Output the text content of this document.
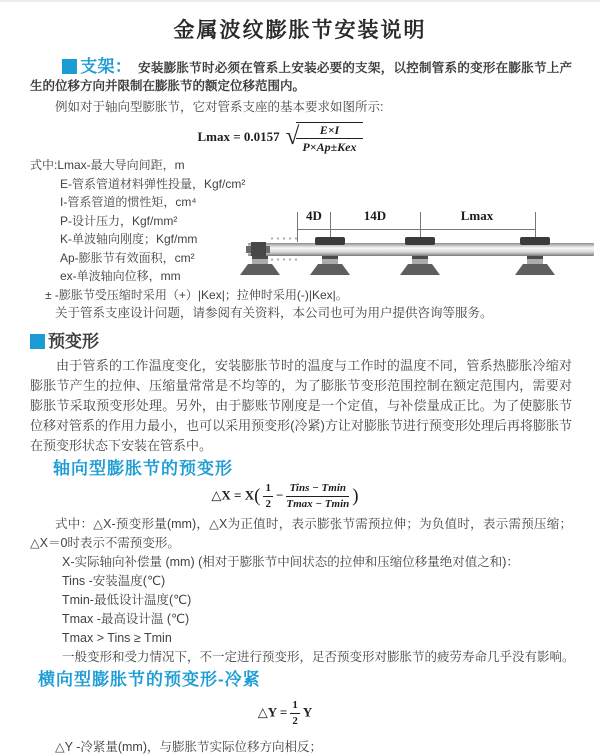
金属波纹膨胀节安装说明

支架： 安装膨胀节时必须在管系上安装必要的支架，以控制管系的变形在膨胀节上产生的位移方向并限制在膨胀节的额定位移范围内。

例如对于轴向型膨胀节，它对管系支座的基本要求如图所示:

Lmax = 0.0157 √
$\frac{E\times I}{\text{P×Ap±Kex}}$
式中:Lmax-最大导向间距，m
E-管系管道材料弹性投量，Kgf/cm²
I-管系管道的惯性矩，cm⁴
P-设计压力，Kgf/mm²
K-单波轴向刚度；Kgf/mm
Ap-膨胀节有效面积，cm²
ex-单波轴向位移，mm
± -膨胀节受压缩时采用（+）|Kex|；拉伸时采用(-)|Kex|。
关于管系支座设计问题，请参阅有关资料，本公司也可为用户提供咨询等服务。
4D	14D	Lmax
预变形

由于管系的工作温度变化，安装膨胀节时的温度与工作时的温度不同，管系热膨胀冷缩对膨胀节产生的拉伸、压缩量常常是不均等的，为了膨胀节变形范围控制在额定范围内，需要对膨胀节采取预变形处理。另外，由于膨账节刚度是一个定值，与补偿量成正比。为了使膨胀节位移对管系的作用力最小，也可以采用预变形(冷紧)方让对膨胀节进行预变形处理后再将膨胀节在预变形状态下安装在管系中。

轴向型膨胀节的预变形
△X = $X( \frac{1}{2} - \frac{\text{Tins − Tmin}}{Tmax - Tmin}$ )

式中：△X-预变形量(mm)，△X为正值时，表示膨张节需预拉伸；为负值时，表示需预压缩；△X＝0时表示不需预变形。

X-实际轴向补偿量 (mm) (相对于膨胀节中间状态的拉伸和压缩位移量绝对值之和)：
Tins -安装温度(℃)
Tmin-最低设计温度(℃)
Tmax -最高设计温 (℃)
Tmax > Tins ≥ Tmin
一般变形和受力情况下，不一定进行预变形，足否预变形对膨胀节的疲劳寿命几乎没有影响。
横向型膨胀节的预变形-冷紧
△Y = $\frac{1}{2}$ Y
△Y -冷紧量(mm)，与膨胀节实际位移方向相反；
